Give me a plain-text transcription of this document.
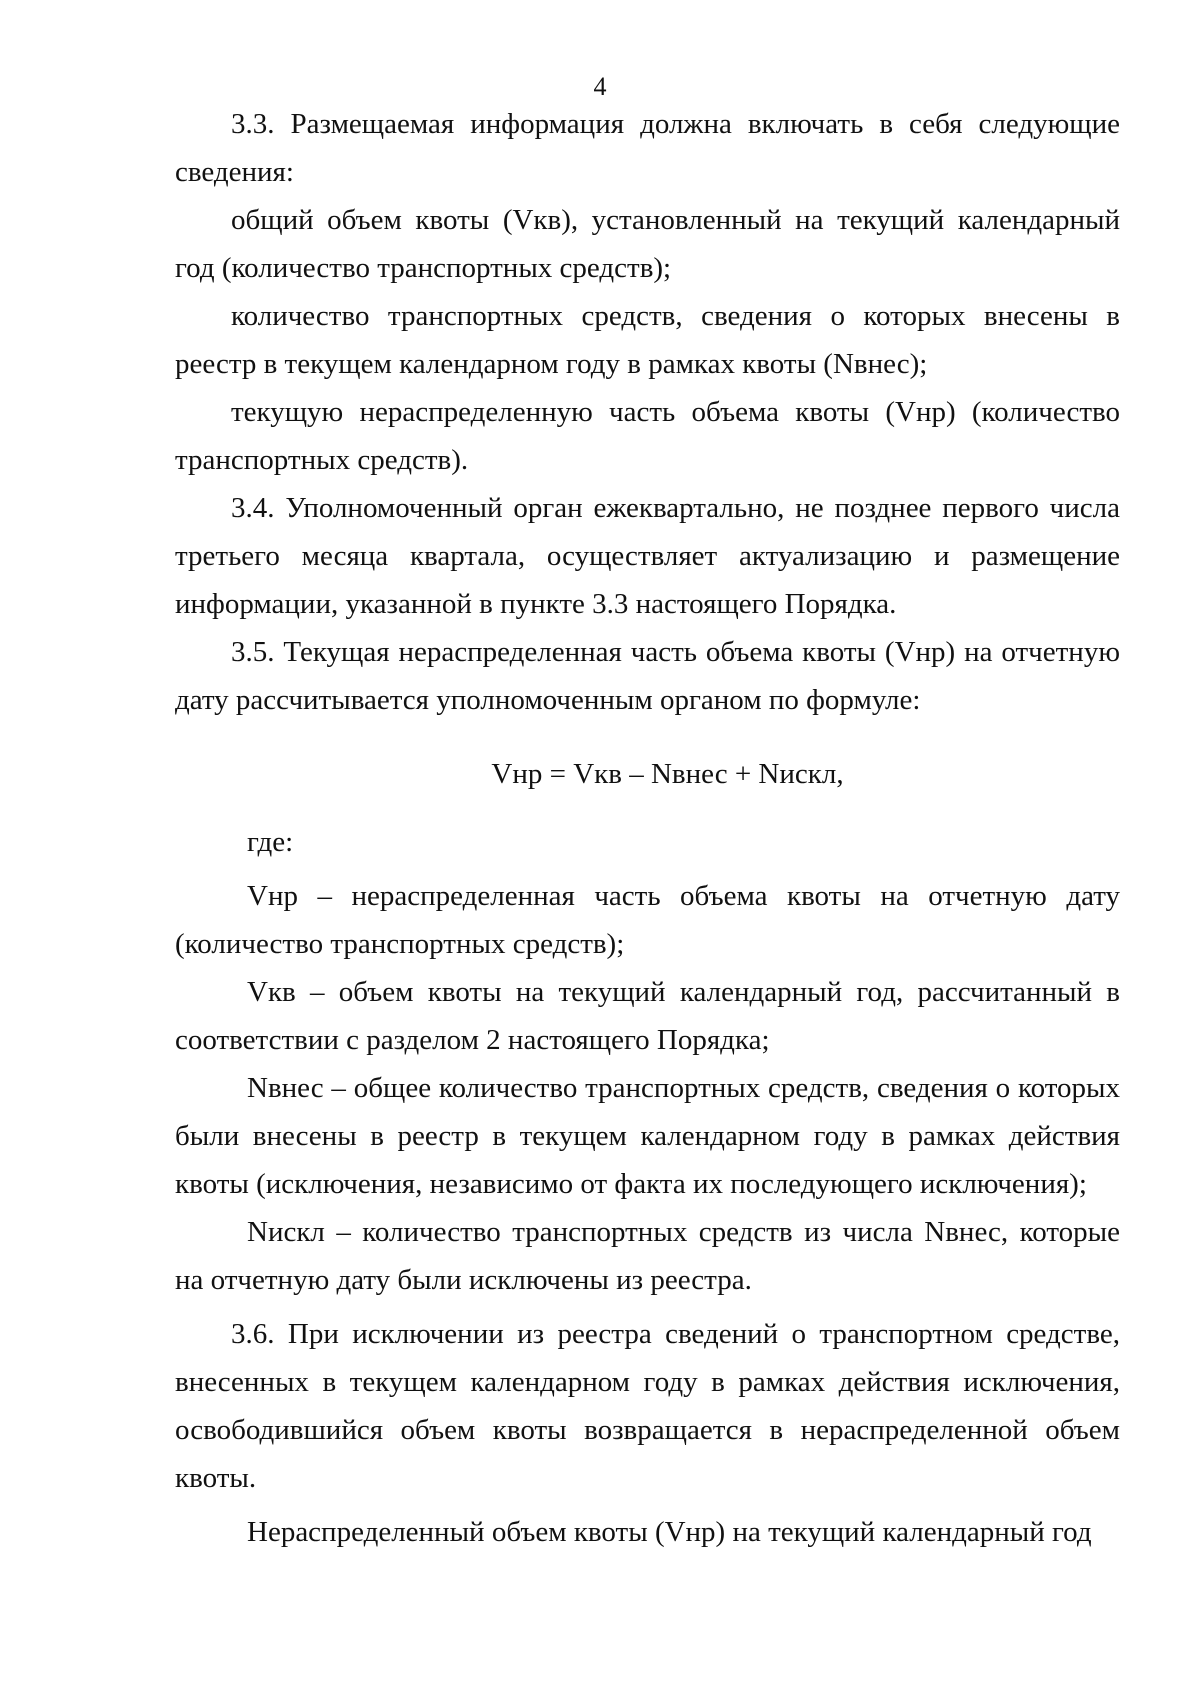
4

3.3. Размещаемая информация должна включать в себя следующие сведения:

общий объем квоты (Vкв), установленный на текущий календарный год (количество транспортных средств);

количество транспортных средств, сведения о которых внесены в реестр в текущем календарном году в рамках квоты (Nвнес);

текущую нераспределенную часть объема квоты (Vнр) (количество транспортных средств).

3.4. Уполномоченный орган ежеквартально, не позднее первого числа третьего месяца квартала, осуществляет актуализацию и размещение информации, указанной в пункте 3.3 настоящего Порядка.

3.5. Текущая нераспределенная часть объема квоты (Vнр) на отчетную дату рассчитывается уполномоченным органом по формуле:

Vнр = Vкв – Nвнес + Nискл,

где:

Vнр – нераспределенная часть объема квоты на отчетную дату (количество транспортных средств);

Vкв – объем квоты на текущий календарный год, рассчитанный в соответствии с разделом 2 настоящего Порядка;

Nвнес – общее количество транспортных средств, сведения о которых были внесены в реестр в текущем календарном году в рамках действия квоты (исключения, независимо от факта их последующего исключения);

Nискл – количество транспортных средств из числа Nвнес, которые на отчетную дату были исключены из реестра.

3.6. При исключении из реестра сведений о транспортном средстве, внесенных в текущем календарном году в рамках действия исключения, освободившийся объем квоты возвращается в нераспределенной объем квоты.

Нераспределенный объем квоты (Vнр) на текущий календарный год
